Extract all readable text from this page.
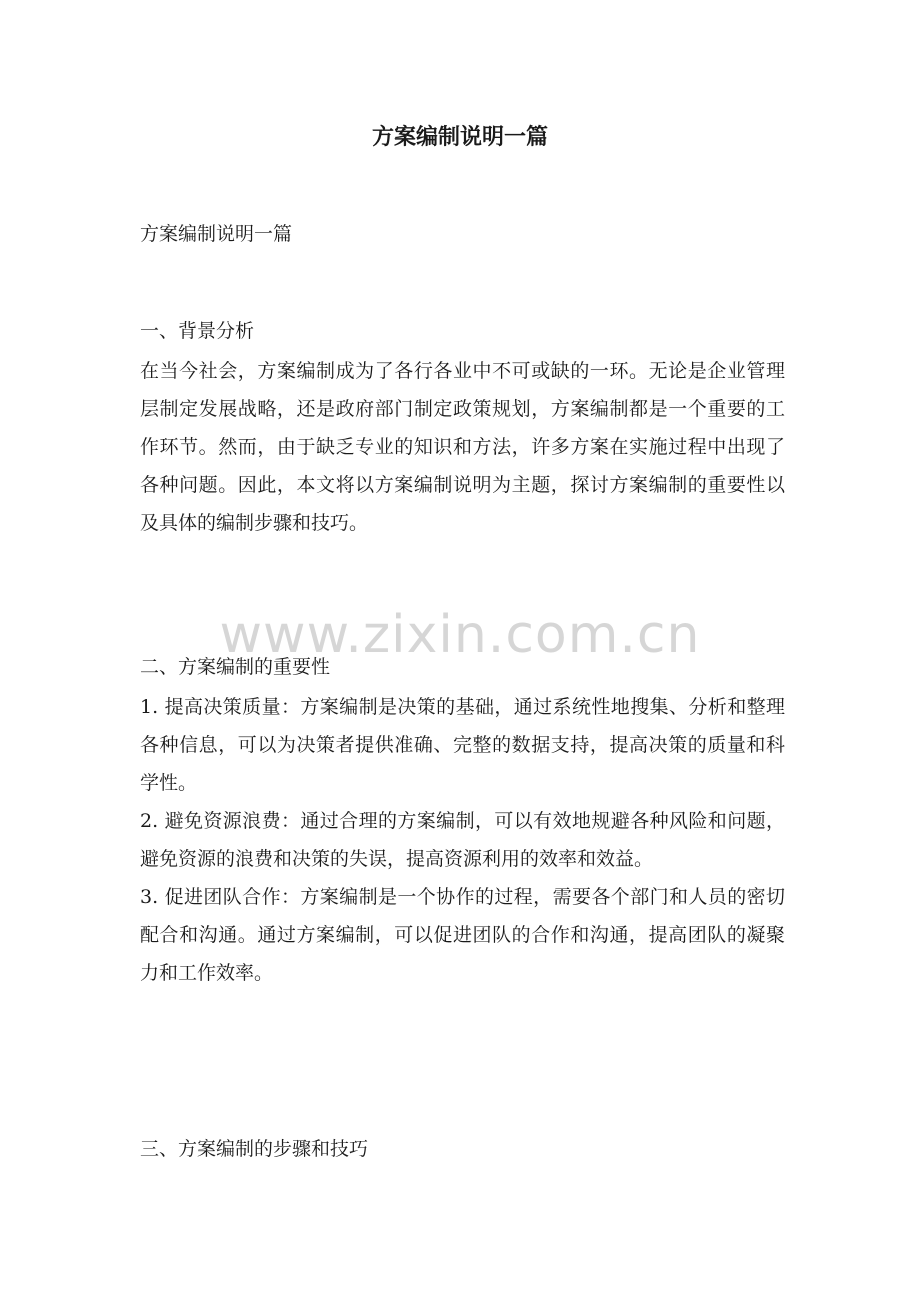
方案编制说明一篇

方案编制说明一篇

一、背景分析

在当今社会，方案编制成为了各行各业中不可或缺的一环。无论是企业管理层制定发展战略，还是政府部门制定政策规划，方案编制都是一个重要的工作环节。然而，由于缺乏专业的知识和方法，许多方案在实施过程中出现了各种问题。因此，本文将以方案编制说明为主题，探讨方案编制的重要性以及具体的编制步骤和技巧。

二、方案编制的重要性

1. 提高决策质量：方案编制是决策的基础，通过系统性地搜集、分析和整理各种信息，可以为决策者提供准确、完整的数据支持，提高决策的质量和科学性。

2. 避免资源浪费：通过合理的方案编制，可以有效地规避各种风险和问题，避免资源的浪费和决策的失误，提高资源利用的效率和效益。

3. 促进团队合作：方案编制是一个协作的过程，需要各个部门和人员的密切配合和沟通。通过方案编制，可以促进团队的合作和沟通，提高团队的凝聚力和工作效率。

三、方案编制的步骤和技巧

www.zixin.com.cn
